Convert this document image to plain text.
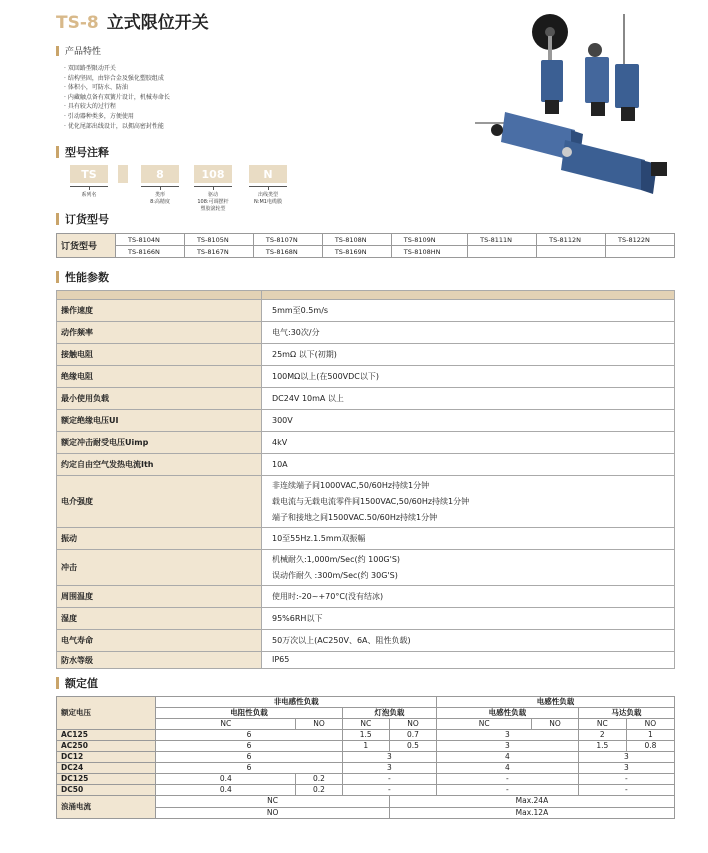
TS-8 立式限位开关
产品特性
· 双回路型限动开关
· 结构坚固，由锌合金及强化塑胶组成
· 体积小，可防水、防油
· 内藏触点备有双簧片设计，机械寿命长
· 具有较大的过行程
· 引动器种类多，方便使用
· 优化尾部出线设计，以拥高密封性能
型号注释
TS	8	108	N
系列名	类形
8:高精度
驱动
108:可调摆杆
塑胶滚轮型
出线类型
N:M1电缆膜
订货型号
订货型号	TS-8104N	TS-8105N	TS-8107N	TS-8108N	TS-8109N	TS-8111N	TS-8112N	TS-8122N
	TS-8166N	TS-8167N	TS-8168N	TS-8169N	TS-8108HN			
性能参数

操作速度	5mm至0.5m/s
动作频率	电气:30次/分
接触电阻	25mΩ 以下(初期)
绝缘电阻	100MΩ以上(在500VDC以下)
最小使用负载	DC24V 10mA 以上
额定绝缘电压UI	300V
额定冲击耐受电压Uimp	4kV
约定自由空气发热电流Ith	10A
电介强度	非连续端子间1000VAC,50/60Hz持续1分钟
载电流与无载电流零件间1500VAC,50/60Hz持续1分钟
端子和接地之间1500VAC.50/60Hz持续1分钟

振动	10至55Hz.1.5mm双振幅
冲击	机械耐久:1,000m/Sec(约 100G'S)
误动作耐久 :300m/Sec(约 30G'S)

周围温度	使用时:-20~+70°C(没有结冰)
湿度	95%6RH以下
电气寿命	50万次以上(AC250V、6A、阻性负载)
防水等级	IP65
额定值
额定电压	非电感性负载				电感性负载			
	电阻性负载		灯泡负载		电感性负载		马达负载	
	NC	NO	NC	NO	NC	NO	NC	NO
AC125	6		1.5	0.7	3		2	1
AC250	6		1	0.5	3		1.5	0.8
DC12	6		3		4		3	
DC24	6		3		4		3	
DC125	0.4	0.2	-		-		-	
DC50	0.4	0.2	-		-		-	
浪涌电流	NC			Max.24A				
	NO			Max.12A				
